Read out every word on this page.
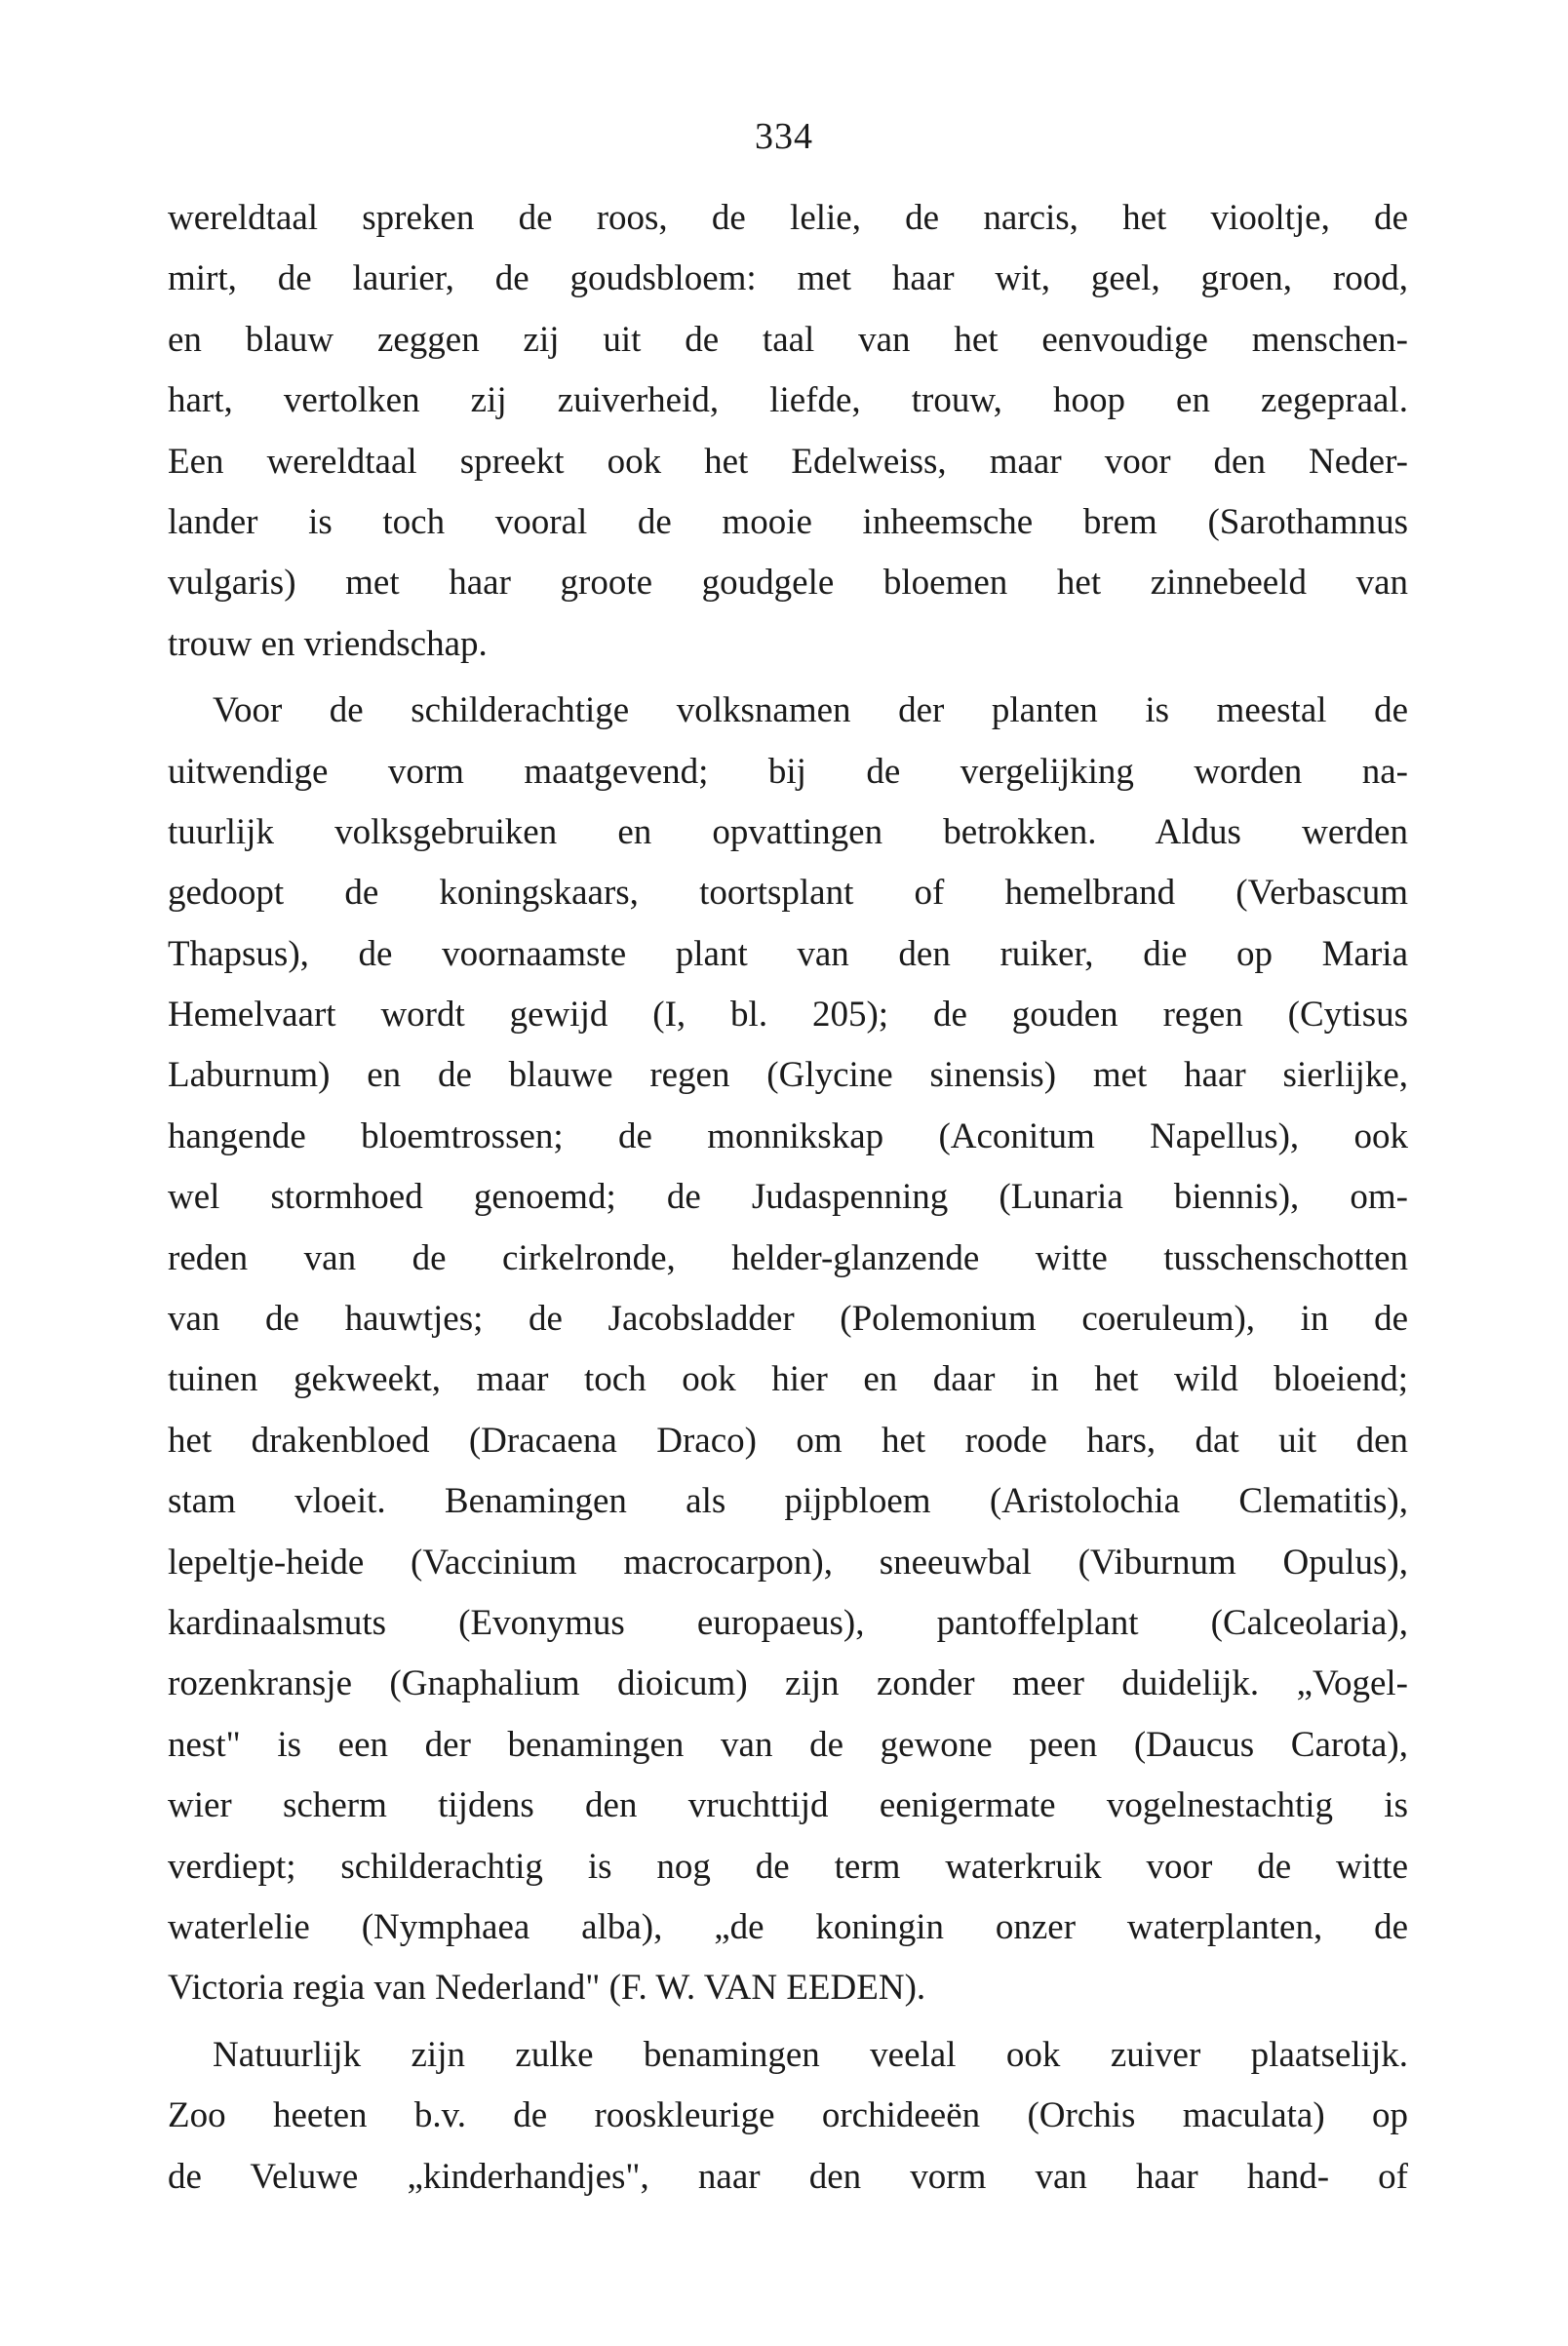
334
wereldtaal spreken de roos, de lelie, de narcis, het viooltje, de
mirt, de laurier, de goudsbloem: met haar wit, geel, groen, rood,
en blauw zeggen zij uit de taal van het eenvoudige menschen-
hart, vertolken zij zuiverheid, liefde, trouw, hoop en zegepraal.
Een wereldtaal spreekt ook het Edelweiss, maar voor den Neder-
lander is toch vooral de mooie inheemsche brem (Sarothamnus
vulgaris) met haar groote goudgele bloemen het zinnebeeld van
trouw en vriendschap.
Voor de schilderachtige volksnamen der planten is meestal de
uitwendige vorm maatgevend; bij de vergelijking worden na-
tuurlijk volksgebruiken en opvattingen betrokken. Aldus werden
gedoopt de koningskaars, toortsplant of hemelbrand (Verbascum
Thapsus), de voornaamste plant van den ruiker, die op Maria
Hemelvaart wordt gewijd (I, bl. 205); de gouden regen (Cytisus
Laburnum) en de blauwe regen (Glycine sinensis) met haar sierlijke,
hangende bloemtrossen; de monnikskap (Aconitum Napellus), ook
wel stormhoed genoemd; de Judaspenning (Lunaria biennis), om-
reden van de cirkelronde, helder-glanzende witte tusschenschotten
van de hauwtjes; de Jacobsladder (Polemonium coeruleum), in de
tuinen gekweekt, maar toch ook hier en daar in het wild bloeiend;
het drakenbloed (Dracaena Draco) om het roode hars, dat uit den
stam vloeit. Benamingen als pijpbloem (Aristolochia Clematitis),
lepeltje-heide (Vaccinium macrocarpon), sneeuwbal (Viburnum Opulus),
kardinaalsmuts (Evonymus europaeus), pantoffelplant (Calceolaria),
rozenkransje (Gnaphalium dioicum) zijn zonder meer duidelijk. „Vogel-
nest" is een der benamingen van de gewone peen (Daucus Carota),
wier scherm tijdens den vruchttijd eenigermate vogelnestachtig is
verdiept; schilderachtig is nog de term waterkruik voor de witte
waterlelie (Nymphaea alba), „de koningin onzer waterplanten, de
Victoria regia van Nederland" (F. W. VAN EEDEN).
Natuurlijk zijn zulke benamingen veelal ook zuiver plaatselijk.
Zoo heeten b.v. de rooskleurige orchideeën (Orchis maculata) op
de Veluwe „kinderhandjes", naar den vorm van haar hand- of
